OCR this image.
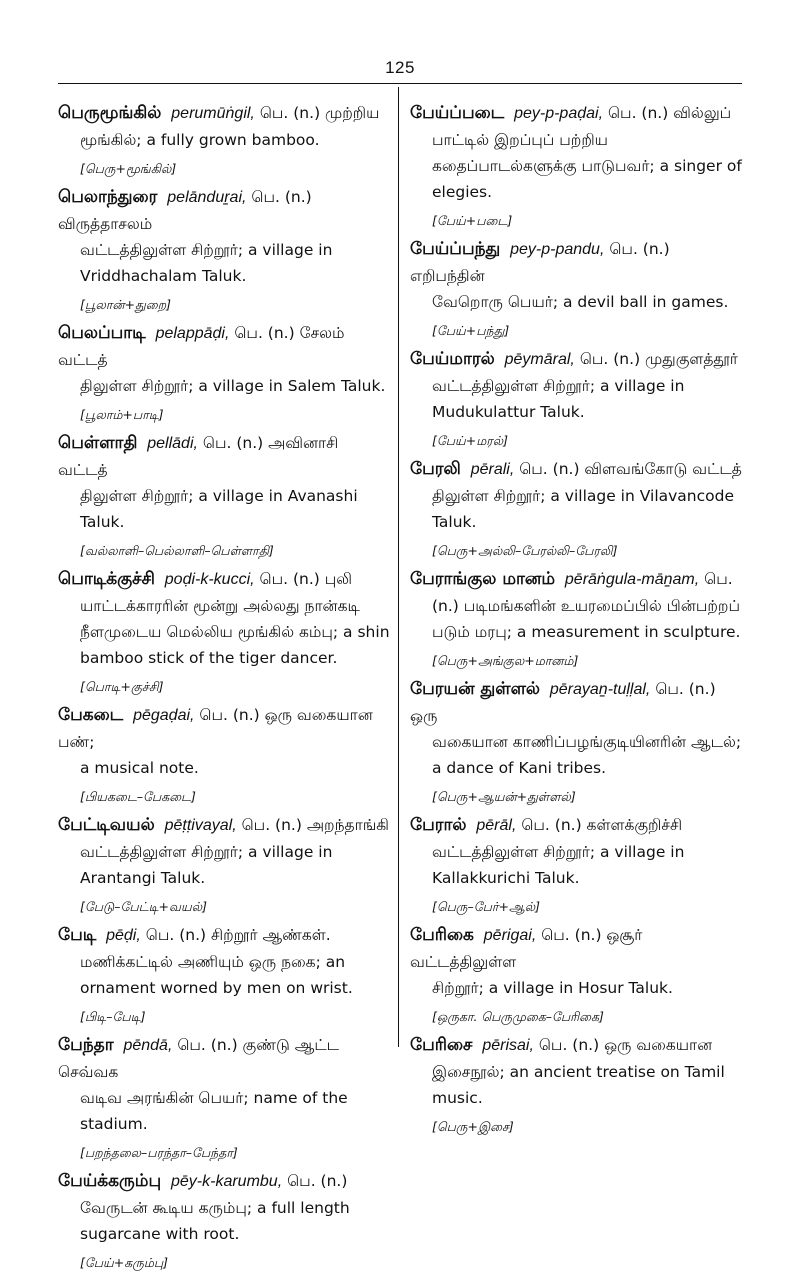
125
பெருமூங்கில் perumūṅgil, பெ. (n.) முற்றிய
மூங்கில்; a fully grown bamboo.
[பெரு+மூங்கில்]
பெலாந்துரை pelānduṟai, பெ. (n.) விருத்தாசலம்
வட்டத்திலுள்ள சிற்றூர்; a village in Vriddhachalam Taluk.
[பூலான்+துறை]
பெலப்பாடி pelappāḍi, பெ. (n.) சேலம் வட்டத்
திலுள்ள சிற்றூர்; a village in Salem Taluk.
[பூலாம்+பாடி]
பெள்ளாதி pellādi, பெ. (n.) அவினாசி வட்டத்
திலுள்ள சிற்றூர்; a village in Avanashi Taluk.
[வல்லாளி–பெல்லாளி–பெள்ளாதி]
பொடிக்குச்சி poḍi-k-kucci, பெ. (n.) புலி
யாட்டக்காரரின் மூன்று அல்லது நான்கடி நீளமுடைய மெல்லிய மூங்கில் கம்பு; a shin bamboo stick of the tiger dancer.
[பொடி+குச்சி]
பேகடை pēgaḍai, பெ. (n.) ஒரு வகையான பண்;
a musical note.
[பியகடை–பேகடை]
பேட்டிவயல் pēṭṭivayal, பெ. (n.) அறந்தாங்கி
வட்டத்திலுள்ள சிற்றூர்; a village in Arantangi Taluk.
[பேடு–பேட்டி+வயல்]
பேடி pēḍi, பெ. (n.) சிற்றூர் ஆண்கள்.
மணிக்கட்டில் அணியும் ஒரு நகை; an ornament worned by men on wrist.
[பிடி–பேடி]
பேந்தா pēndā, பெ. (n.) குண்டு ஆட்ட செவ்வக
வடிவ அரங்கின் பெயர்; name of the stadium.
[பறந்தலை–பரந்தா–பேந்தா]
பேய்க்கரும்பு pēy-k-karumbu, பெ. (n.)
வேருடன் கூடிய கரும்பு; a full length sugarcane with root.
[பேய்+கரும்பு]
பேய்ப்படை pey-p-paḍai, பெ. (n.) வில்லுப்
பாட்டில் இறப்புப் பற்றிய கதைப்பாடல்களுக்கு பாடுபவர்; a singer of elegies.
[பேய்+படை]
பேய்ப்பந்து pey-p-pandu, பெ. (n.) எறிபந்தின்
வேறொரு பெயர்; a devil ball in games.
[பேய்+பந்து]
பேய்மாரல் pēymāral, பெ. (n.) முதுகுளத்தூர்
வட்டத்திலுள்ள சிற்றூர்; a village in Mudukulattur Taluk.
[பேய்+மரல்]
பேரலி pērali, பெ. (n.) விளவங்கோடு வட்டத்
திலுள்ள சிற்றூர்; a village in Vilavancode Taluk.
[பெரு+அல்லி–பேரல்லி–பேரலி]
பேராங்குல மானம் pērāṅgula-māṉam, பெ.
(n.) படிமங்களின் உயரமைப்பில் பின்பற்றப் படும் மரபு; a measurement in sculpture.
[பெரு+அங்குல+மானம்]
பேரயன் துள்ளல் pērayaṉ-tuḷḷal, பெ. (n.) ஒரு
வகையான காணிப்பழங்குடியினரின் ஆடல்; a dance of Kani tribes.
[பெரு+ஆயன்+துள்ளல்]
பேரால் pērāl, பெ. (n.) கள்ளக்குறிச்சி
வட்டத்திலுள்ள சிற்றூர்; a village in Kallakkurichi Taluk.
[பெரு–பேர்+ஆல்]
பேரிகை pērigai, பெ. (n.) ஒசூர் வட்டத்திலுள்ள
சிற்றூர்; a village in Hosur Taluk.
[ஒருகா. பெருமுகை–பேரிகை]
பேரிசை pērisai, பெ. (n.) ஒரு வகையான
இசைநூல்; an ancient treatise on Tamil music.
[பெரு+இசை]
